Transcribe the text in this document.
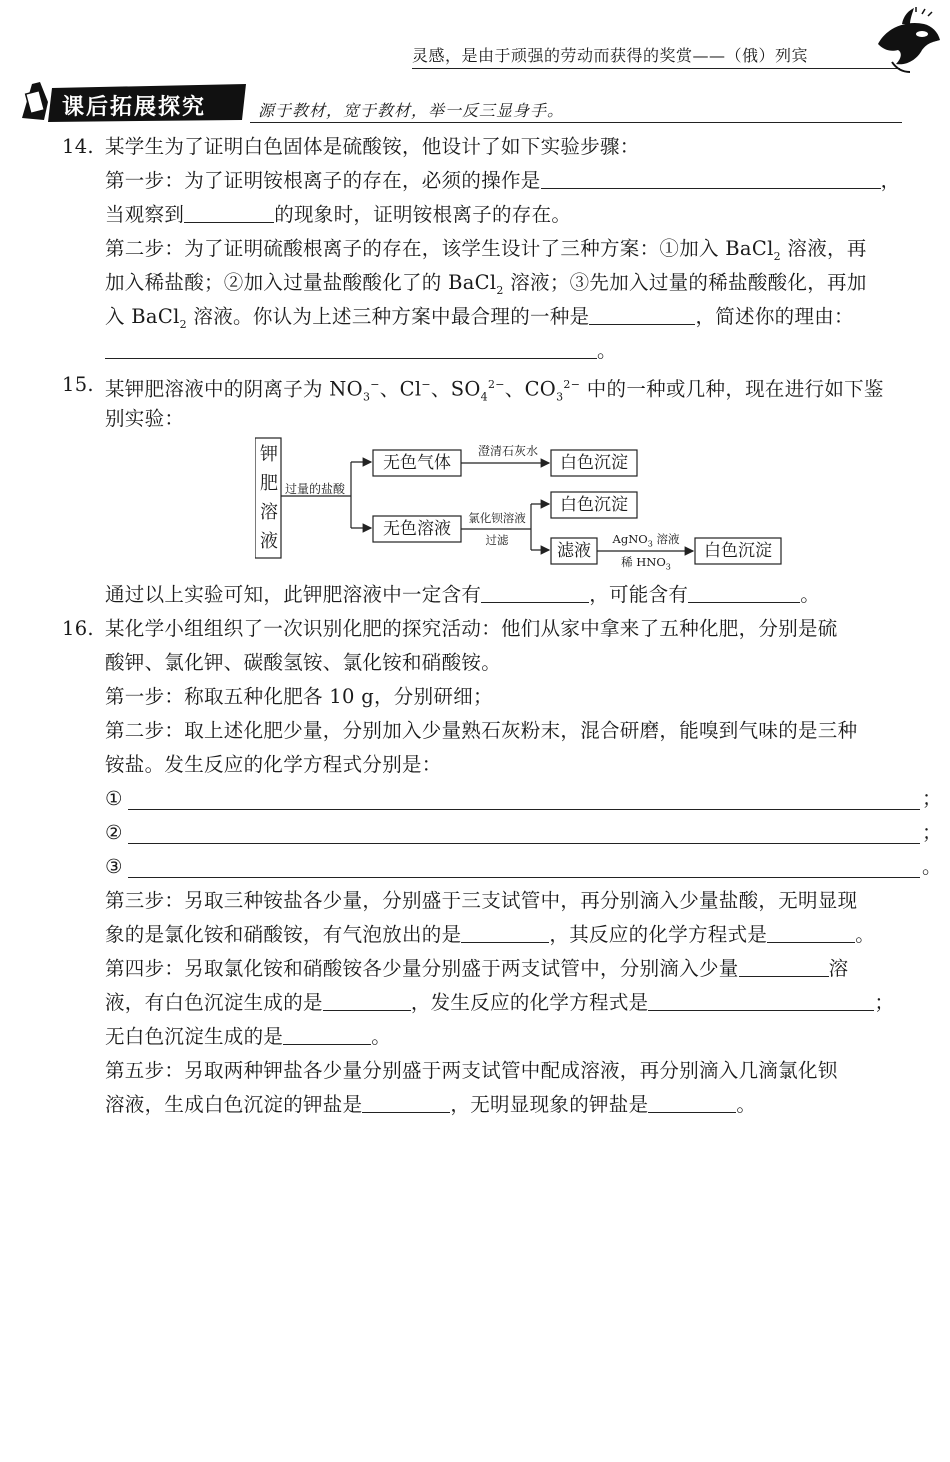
灵感，是由于顽强的劳动而获得的奖赏——（俄）列宾
课后拓展探究	源于教材，宽于教材，举一反三显身手。
14. 某学生为了证明白色固体是硫酸铵，他设计了如下实验步骤：
第一步：为了证明铵根离子的存在，必须的操作是	，
当观察到	的现象时，证明铵根离子的存在。
第二步：为了证明硫酸根离子的存在，该学生设计了三种方案：①加入 BaCl$_2$ 溶液，再
加入稀盐酸；②加入过量盐酸酸化了的 BaCl$_2$ 溶液；③先加入过量的稀盐酸酸化，再加
入 BaCl$_2$ 溶液。你认为上述三种方案中最合理的一种是	，简述你的理由：
。
15. 某钾肥溶液中的阴离子为 $NO_3^-$、Cl−、$SO_4^{2-}$、$CO_3^{2-}$ 中的一种或几种，现在进行如下鉴
别实验：
钾
肥
溶
液
过量的盐酸
无色气体
澄清石灰水
白色沉淀
无色溶液
氯化钡溶液
过滤
白色沉淀
滤液
AgNO$_3$ 溶液
稀 $HNO_3$
白色沉淀
通过以上实验可知，此钾肥溶液中一定含有	，可能含有	。
16. 某化学小组组织了一次识别化肥的探究活动：他们从家中拿来了五种化肥，分别是硫
酸钾、氯化钾、碳酸氢铵、氯化铵和硝酸铵。
第一步：称取五种化肥各 10 g，分别研细；
第二步：取上述化肥少量，分别加入少量熟石灰粉末，混合研磨，能嗅到气味的是三种
铵盐。发生反应的化学方程式分别是：
①	；
②	；
③	。
第三步：另取三种铵盐各少量，分别盛于三支试管中，再分别滴入少量盐酸，无明显现
象的是氯化铵和硝酸铵，有气泡放出的是	，其反应的化学方程式是	。
第四步：另取氯化铵和硝酸铵各少量分别盛于两支试管中，分别滴入少量	溶
液，有白色沉淀生成的是	，发生反应的化学方程式是	；
无白色沉淀生成的是	。
第五步：另取两种钾盐各少量分别盛于两支试管中配成溶液，再分别滴入几滴氯化钡
溶液，生成白色沉淀的钾盐是	，无明显现象的钾盐是	。
